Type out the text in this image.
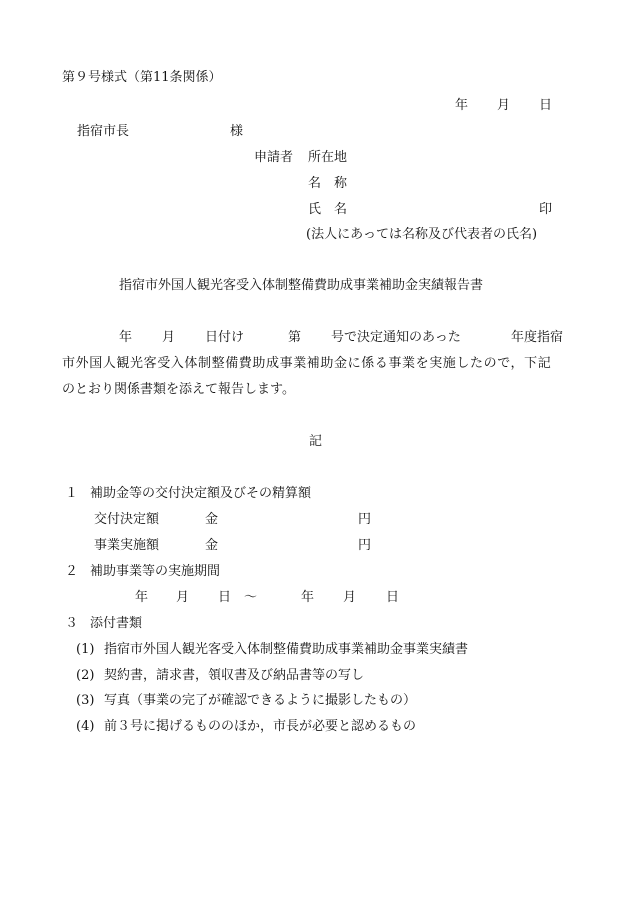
第９号様式（第11条関係）
年 月 日
指宿市長	様
申請者 所在地
名　称
氏　名	印
(法人にあっては名称及び代表者の氏名)
指宿市外国人観光客受入体制整備費助成事業補助金実績報告書
年 月 日付け	第 号で決定通知のあった	年度指宿
市外国人観光客受入体制整備費助成事業補助金に係る事業を実施したので，下記
のとおり関係書類を添えて報告します。
記
１ 補助金等の交付決定額及びその精算額
交付決定額	金	円
事業実施額	金	円
２ 補助事業等の実施期間
年 月 日 ～	年 月 日
３ 添付書類
(1) 指宿市外国人観光客受入体制整備費助成事業補助金事業実績書
(2) 契約書，請求書，領収書及び納品書等の写し
(3) 写真（事業の完了が確認できるように撮影したもの）
(4) 前３号に掲げるもののほか，市長が必要と認めるもの
